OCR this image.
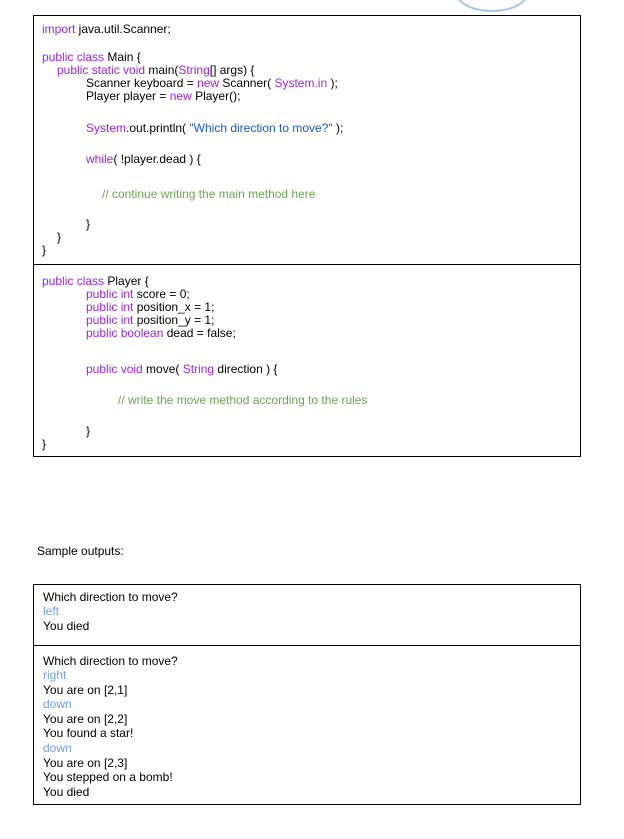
import java.util.Scanner;
public class Main {
public static void main(String[] args) {
Scanner keyboard = new Scanner( System.in );
Player player = new Player();
System.out.println( "Which direction to move?" );
while( !player.dead ) {
// continue writing the main method here
}
}
}
public class Player {
public int score = 0;
public int position_x = 1;
public int position_y = 1;
public boolean dead = false;
public void move( String direction ) {
// write the move method according to the rules
}
}
Sample outputs:
Which direction to move?
left
You died
Which direction to move?
right
You are on [2,1]
down
You are on [2,2]
You found a star!
down
You are on [2,3]
You stepped on a bomb!
You died
